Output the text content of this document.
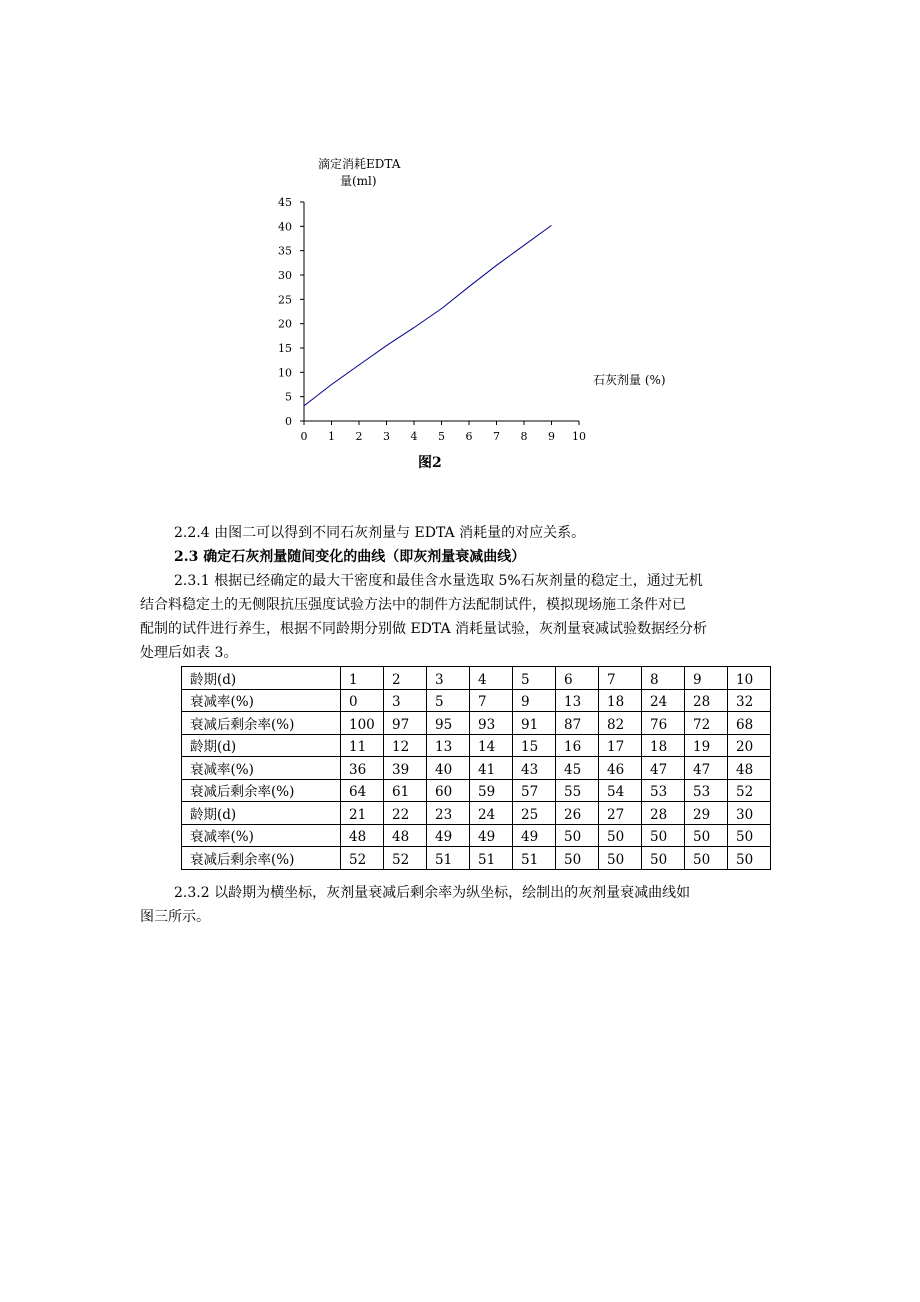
滴定消耗EDTA
量(ml)
0
5
10
15
20
25
30
35
40
45
0 1 2 3 4 5 6 7 8 9 10
石灰剂量 (%)
图2

2.2.4 由图二可以得到不同石灰剂量与 EDTA 消耗量的对应关系。

2.3 确定石灰剂量随间变化的曲线（即灰剂量衰减曲线）

2.3.1 根据已经确定的最大干密度和最佳含水量选取 5%石灰剂量的稳定土，通过无机

结合料稳定土的无侧限抗压强度试验方法中的制件方法配制试件，模拟现场施工条件对已

配制的试件进行养生，根据不同龄期分别做 EDTA 消耗量试验，灰剂量衰减试验数据经分析

处理后如表 3。

龄期(d)	1	2	3	4	5	6	7	8	9	10
衰减率(%)	0	3	5	7	9	13	18	24	28	32
衰减后剩余率(%)	100	97	95	93	91	87	82	76	72	68
龄期(d)	11	12	13	14	15	16	17	18	19	20
衰减率(%)	36	39	40	41	43	45	46	47	47	48
衰减后剩余率(%)	64	61	60	59	57	55	54	53	53	52
龄期(d)	21	22	23	24	25	26	27	28	29	30
衰减率(%)	48	48	49	49	49	50	50	50	50	50
衰减后剩余率(%)	52	52	51	51	51	50	50	50	50	50

2.3.2 以龄期为横坐标，灰剂量衰减后剩余率为纵坐标，绘制出的灰剂量衰减曲线如

图三所示。
